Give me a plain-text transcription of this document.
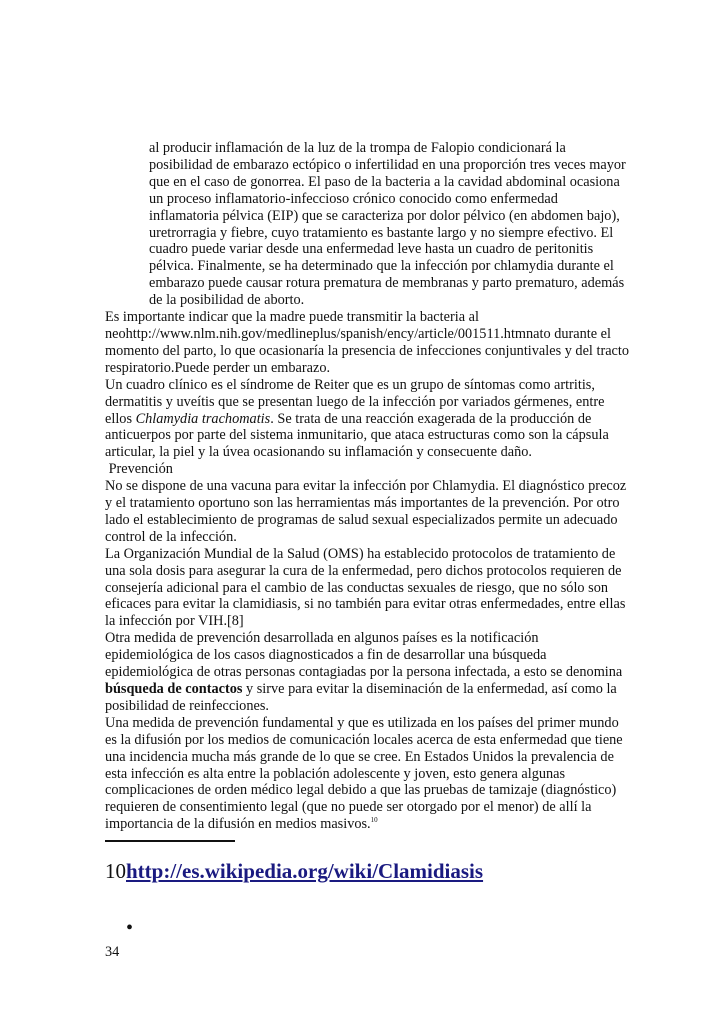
al producir inflamación de la luz de la trompa de Falopio condicionará la posibilidad de embarazo ectópico o infertilidad en una proporción tres veces mayor que en el caso de gonorrea. El paso de la bacteria a la cavidad abdominal ocasiona un proceso inflamatorio-infeccioso crónico conocido como enfermedad inflamatoria pélvica (EIP) que se caracteriza por dolor pélvico (en abdomen bajo), uretrorragia y fiebre, cuyo tratamiento es bastante largo y no siempre efectivo. El cuadro puede variar desde una enfermedad leve hasta un cuadro de peritonitis pélvica. Finalmente, se ha determinado que la infección por chlamydia durante el embarazo puede causar rotura prematura de membranas y parto prematuro, además de la posibilidad de aborto.

Es importante indicar que la madre puede transmitir la bacteria al neohttp://www.nlm.nih.gov/medlineplus/spanish/ency/article/001511.htmnato durante el momento del parto, lo que ocasionaría la presencia de infecciones conjuntivales y del tracto respiratorio.Puede perder un embarazo.

Un cuadro clínico es el síndrome de Reiter que es un grupo de síntomas como artritis, dermatitis y uveítis que se presentan luego de la infección por variados gérmenes, entre ellos Chlamydia trachomatis. Se trata de una reacción exagerada de la producción de anticuerpos por parte del sistema inmunitario, que ataca estructuras como son la cápsula articular, la piel y la úvea ocasionando su inflamación y consecuente daño.

Prevención

No se dispone de una vacuna para evitar la infección por Chlamydia. El diagnóstico precoz y el tratamiento oportuno son las herramientas más importantes de la prevención. Por otro lado el establecimiento de programas de salud sexual especializados permite un adecuado control de la infección.

La Organización Mundial de la Salud (OMS) ha establecido protocolos de tratamiento de una sola dosis para asegurar la cura de la enfermedad, pero dichos protocolos requieren de consejería adicional para el cambio de las conductas sexuales de riesgo, que no sólo son eficaces para evitar la clamidiasis, si no también para evitar otras enfermedades, entre ellas la infección por VIH.[8]

Otra medida de prevención desarrollada en algunos países es la notificación epidemiológica de los casos diagnosticados a fin de desarrollar una búsqueda epidemiológica de otras personas contagiadas por la persona infectada, a esto se denomina búsqueda de contactos y sirve para evitar la diseminación de la enfermedad, así como la posibilidad de reinfecciones.

Una medida de prevención fundamental y que es utilizada en los países del primer mundo es la difusión por los medios de comunicación locales acerca de esta enfermedad que tiene una incidencia mucha más grande de lo que se cree. En Estados Unidos la prevalencia de esta infección es alta entre la población adolescente y joven, esto genera algunas complicaciones de orden médico legal debido a que las pruebas de tamizaje (diagnóstico) requieren de consentimiento legal (que no puede ser otorgado por el menor) de allí la importancia de la difusión en medios masivos.$^{10}$

10http://es.wikipedia.org/wiki/Clamidiasis
•
34
